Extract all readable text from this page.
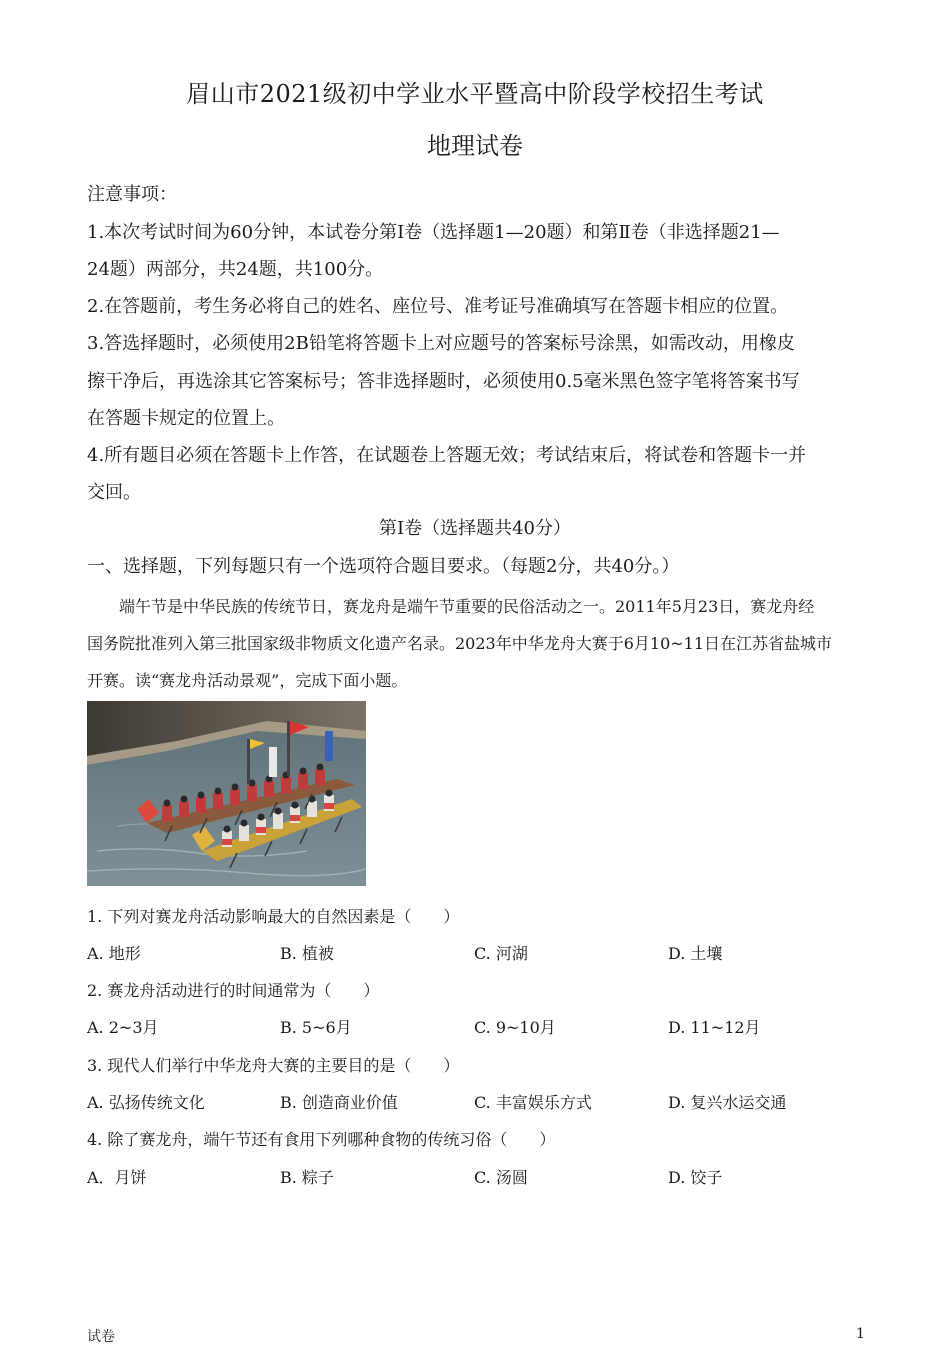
眉山市2021级初中学业水平暨高中阶段学校招生考试
地理试卷
注意事项：
1.本次考试时间为60分钟，本试卷分第Ⅰ卷（选择题1—20题）和第Ⅱ卷（非选择题21—
24题）两部分，共24题，共100分。
2.在答题前，考生务必将自己的姓名、座位号、准考证号准确填写在答题卡相应的位置。
3.答选择题时，必须使用2B铅笔将答题卡上对应题号的答案标号涂黑，如需改动，用橡皮
擦干净后，再选涂其它答案标号；答非选择题时，必须使用0.5毫米黑色签字笔将答案书写
在答题卡规定的位置上。
4.所有题目必须在答题卡上作答，在试题卷上答题无效；考试结束后，将试卷和答题卡一并
交回。
第Ⅰ卷（选择题共40分）
一、选择题，下列每题只有一个选项符合题目要求。（每题2分，共40分。）
端午节是中华民族的传统节日，赛龙舟是端午节重要的民俗活动之一。2011年5月23日，赛龙舟经
国务院批准列入第三批国家级非物质文化遗产名录。2023年中华龙舟大赛于6月10~11日在江苏省盐城市
开赛。读“赛龙舟活动景观”，完成下面小题。
1. 下列对赛龙舟活动影响最大的自然因素是（　　）
A. 地形	B. 植被	C. 河湖	D. 土壤
2. 赛龙舟活动进行的时间通常为（　　）
A. 2~3月	B. 5~6月	C. 9~10月	D. 11~12月
3. 现代人们举行中华龙舟大赛的主要目的是（　　）
A. 弘扬传统文化	B. 创造商业价值	C. 丰富娱乐方式	D. 复兴水运交通
4. 除了赛龙舟，端午节还有食用下列哪种食物的传统习俗（　　）
A．月饼	B. 粽子	C. 汤圆	D. 饺子
试卷	1
